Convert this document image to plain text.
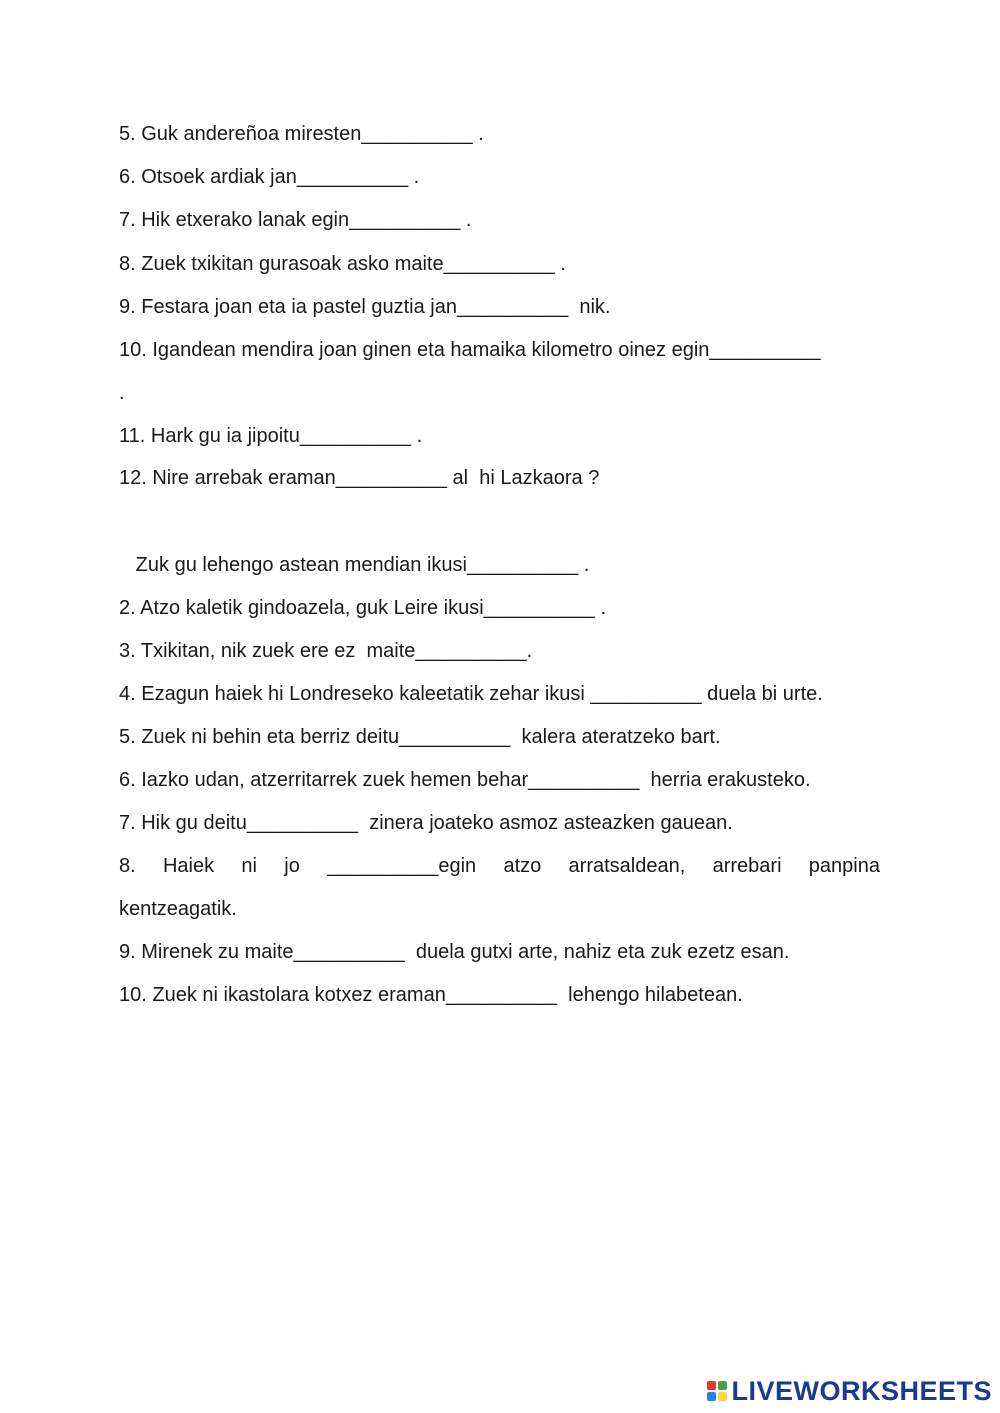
5. Guk andereñoa miresten__________ .
6. Otsoek ardiak jan__________ .
7. Hik etxerako lanak egin__________ .
8. Zuek txikitan gurasoak asko maite__________ .
9. Festara joan eta ia pastel guztia jan__________  nik.
10. Igandean mendira joan ginen eta hamaika kilometro oinez egin__________
.
11. Hark gu ia jipoitu__________ .
12. Nire arrebak eraman__________ al  hi Lazkaora ?
Zuk gu lehengo astean mendian ikusi__________ .
2. Atzo kaletik gindoazela, guk Leire ikusi__________ .
3. Txikitan, nik zuek ere ez  maite__________.
4. Ezagun haiek hi Londreseko kaleetatik zehar ikusi __________ duela bi urte.
5. Zuek ni behin eta berriz deitu__________  kalera ateratzeko bart.
6. Iazko udan, atzerritarrek zuek hemen behar__________  herria erakusteko.
7. Hik gu deitu__________  zinera joateko asmoz asteazken gauean.
8. Haiek ni jo __________egin atzo arratsaldean, arrebari panpina
kentzeagatik.
9. Mirenek zu maite__________  duela gutxi arte, nahiz eta zuk ezetz esan.
10. Zuek ni ikastolara kotxez eraman__________  lehengo hilabetean.
LIVEWORKSHEETS
